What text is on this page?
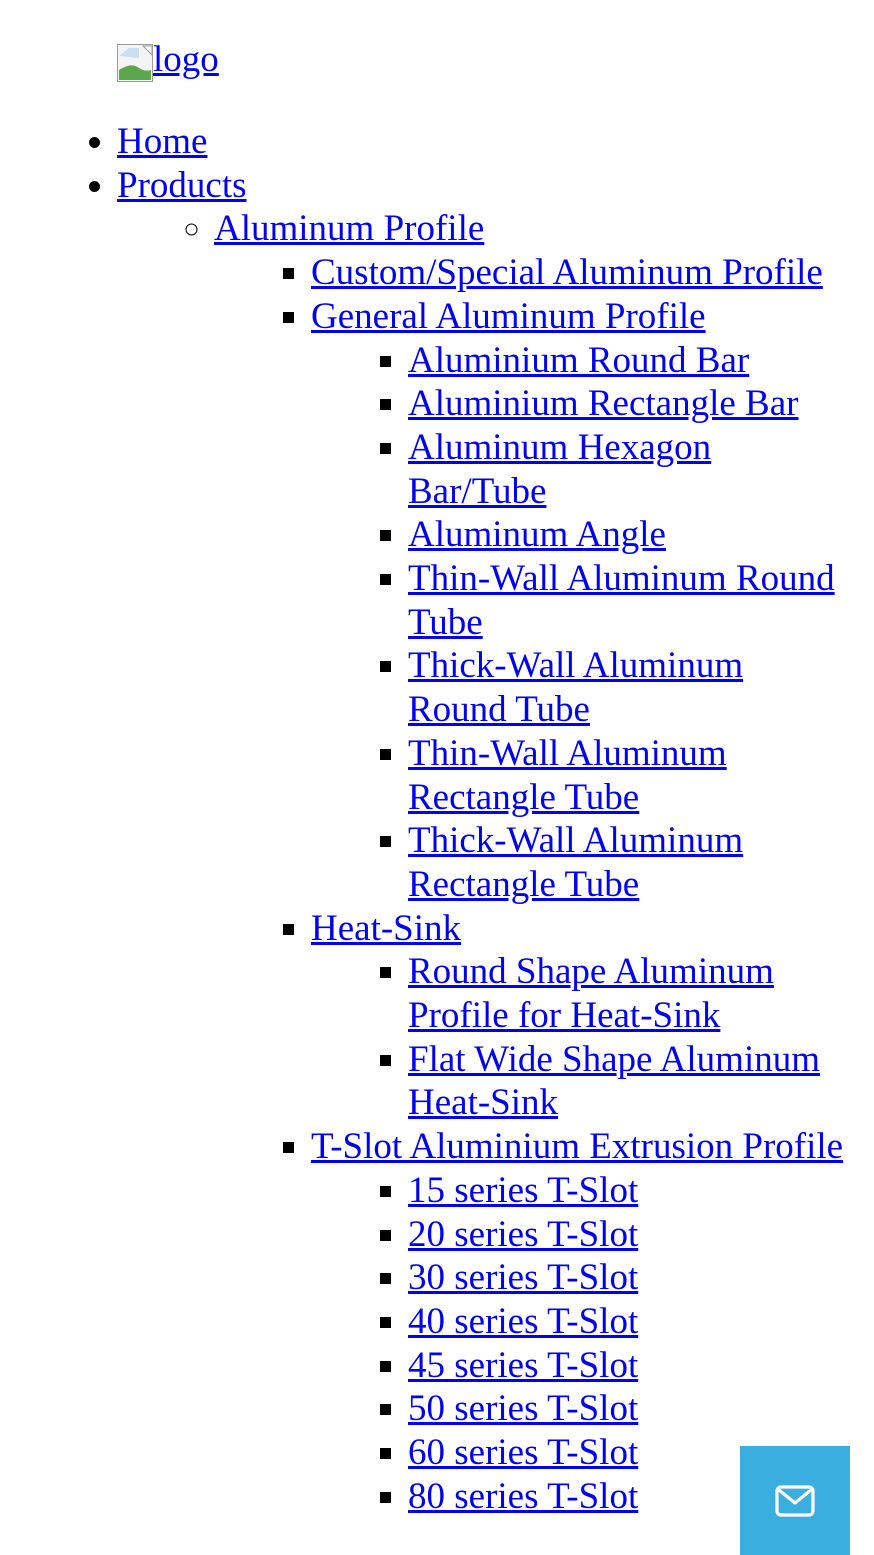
logo
• Home
• Products
◦ Aluminum Profile
▪ Custom/Special Aluminum Profile
▪ General Aluminum Profile
▪ Aluminium Round Bar
▪ Aluminium Rectangle Bar
▪ Aluminum Hexagon Bar/Tube
▪ Aluminum Angle
▪ Thin-Wall Aluminum Round Tube
▪ Thick-Wall Aluminum Round Tube
▪ Thin-Wall Aluminum Rectangle Tube
▪ Thick-Wall Aluminum Rectangle Tube
▪ Heat-Sink
▪ Round Shape Aluminum Profile for Heat-Sink
▪ Flat Wide Shape Aluminum Heat-Sink
▪ T-Slot Aluminium Extrusion Profile
▪ 15 series T-Slot
▪ 20 series T-Slot
▪ 30 series T-Slot
▪ 40 series T-Slot
▪ 45 series T-Slot
▪ 50 series T-Slot
▪ 60 series T-Slot
▪ 80 series T-Slot
